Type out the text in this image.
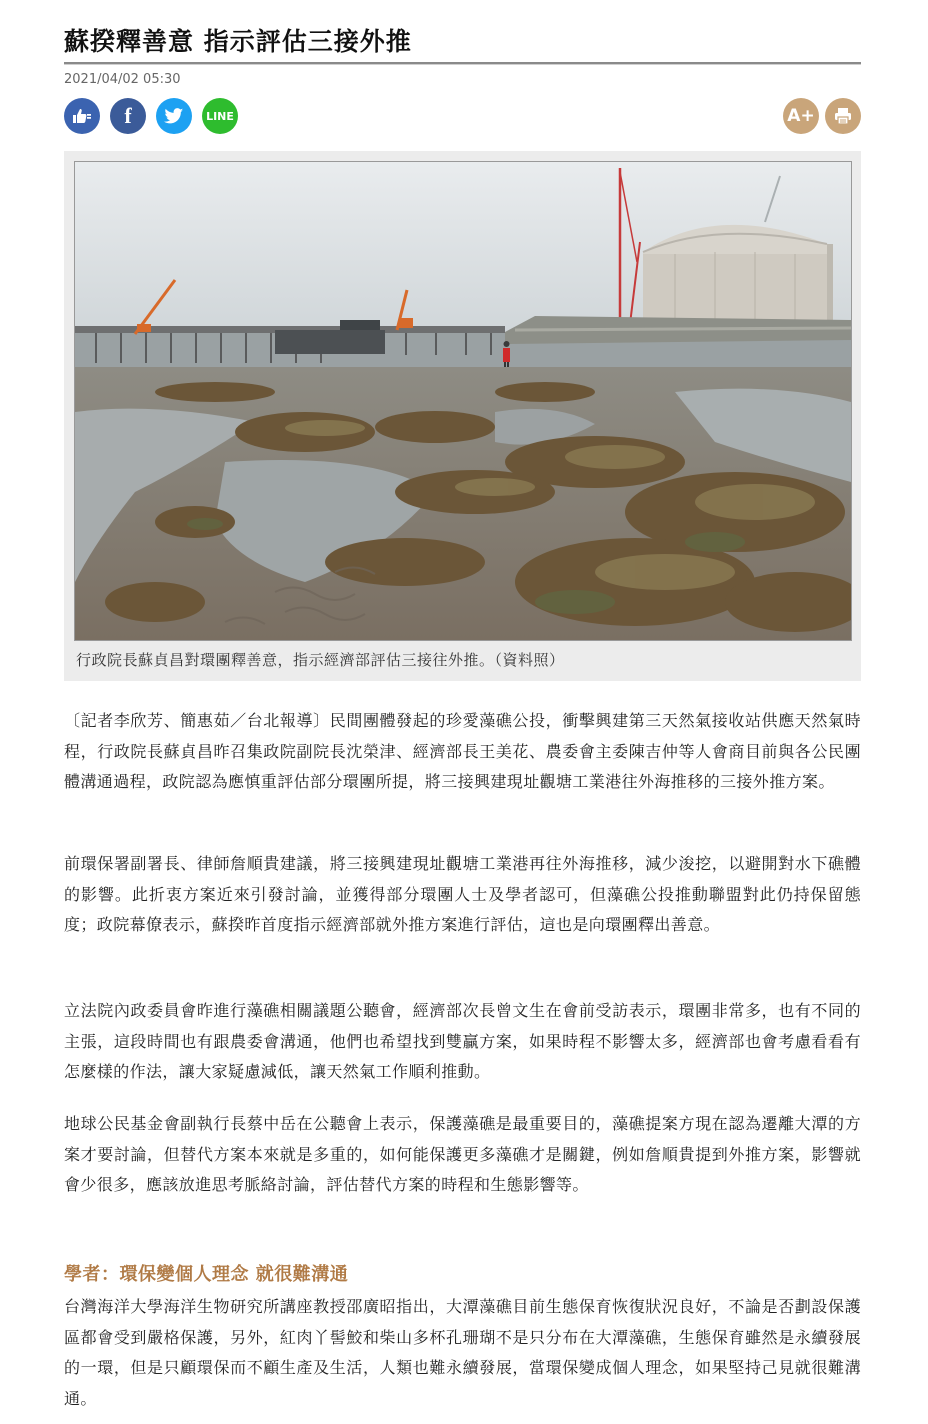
蘇揆釋善意 指示評估三接外推
2021/04/02 05:30
f	LINE	A+
行政院長蘇貞昌對環團釋善意，指示經濟部評估三接往外推。（資料照）

〔記者李欣芳、簡惠茹／台北報導〕民間團體發起的珍愛藻礁公投，衝擊興建第三天然氣接收站供應天然氣時程，行政院長蘇貞昌昨召集政院副院長沈榮津、經濟部長王美花、農委會主委陳吉仲等人會商目前與各公民團體溝通過程，政院認為應慎重評估部分環團所提，將三接興建現址觀塘工業港往外海推移的三接外推方案。

前環保署副署長、律師詹順貴建議，將三接興建現址觀塘工業港再往外海推移，減少浚挖，以避開對水下礁體的影響。此折衷方案近來引發討論，並獲得部分環團人士及學者認可，但藻礁公投推動聯盟對此仍持保留態度；政院幕僚表示，蘇揆昨首度指示經濟部就外推方案進行評估，這也是向環團釋出善意。

立法院內政委員會昨進行藻礁相關議題公聽會，經濟部次長曾文生在會前受訪表示，環團非常多，也有不同的主張，這段時間也有跟農委會溝通，他們也希望找到雙贏方案，如果時程不影響太多，經濟部也會考慮看看有怎麼樣的作法，讓大家疑慮減低，讓天然氣工作順利推動。

地球公民基金會副執行長蔡中岳在公聽會上表示，保護藻礁是最重要目的，藻礁提案方現在認為遷離大潭的方案才要討論，但替代方案本來就是多重的，如何能保護更多藻礁才是關鍵，例如詹順貴提到外推方案，影響就會少很多，應該放進思考脈絡討論，評估替代方案的時程和生態影響等。

學者：環保變個人理念 就很難溝通

台灣海洋大學海洋生物研究所講座教授邵廣昭指出，大潭藻礁目前生態保育恢復狀況良好，不論是否劃設保護區都會受到嚴格保護，另外，紅肉丫髻鮫和柴山多杯孔珊瑚不是只分布在大潭藻礁，生態保育雖然是永續發展的一環，但是只顧環保而不顧生產及生活，人類也難永續發展，當環保變成個人理念，如果堅持己見就很難溝通。
